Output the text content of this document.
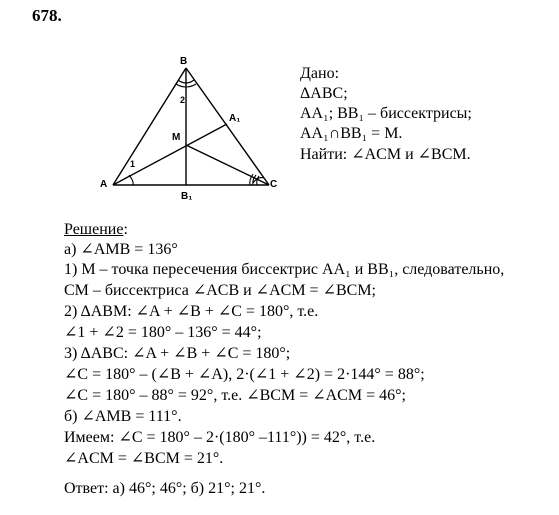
678.
B
A₁
M
A
B₁
C
1
2
Дано:
ΔABC;
AA₁; BB₁ – биссектрисы;
AA₁∩BB₁ = M.
Найти: ∠ACM и ∠BCM.
Решение:
а) ∠AMB = 136°
1) M – точка пересечения биссектрис AA₁ и BB₁, следовательно,
CM – биссектриса ∠ACB и ∠ACM = ∠BCM;
2) ΔABM: ∠A + ∠B + ∠C = 180°, т.е.
∠1 + ∠2 = 180° – 136° = 44°;
3) ΔABC: ∠A + ∠B + ∠C = 180°;
∠C = 180° – (∠B + ∠A), 2·(∠1 + ∠2) = 2·144° = 88°;
∠C = 180° – 88° = 92°, т.е. ∠BCM = ∠ACM = 46°;
б) ∠AMB = 111°.
Имеем: ∠C = 180° – 2·(180° –111°)) = 42°, т.е.
∠ACM = ∠BCM = 21°.
Ответ: а) 46°; 46°; б) 21°; 21°.
